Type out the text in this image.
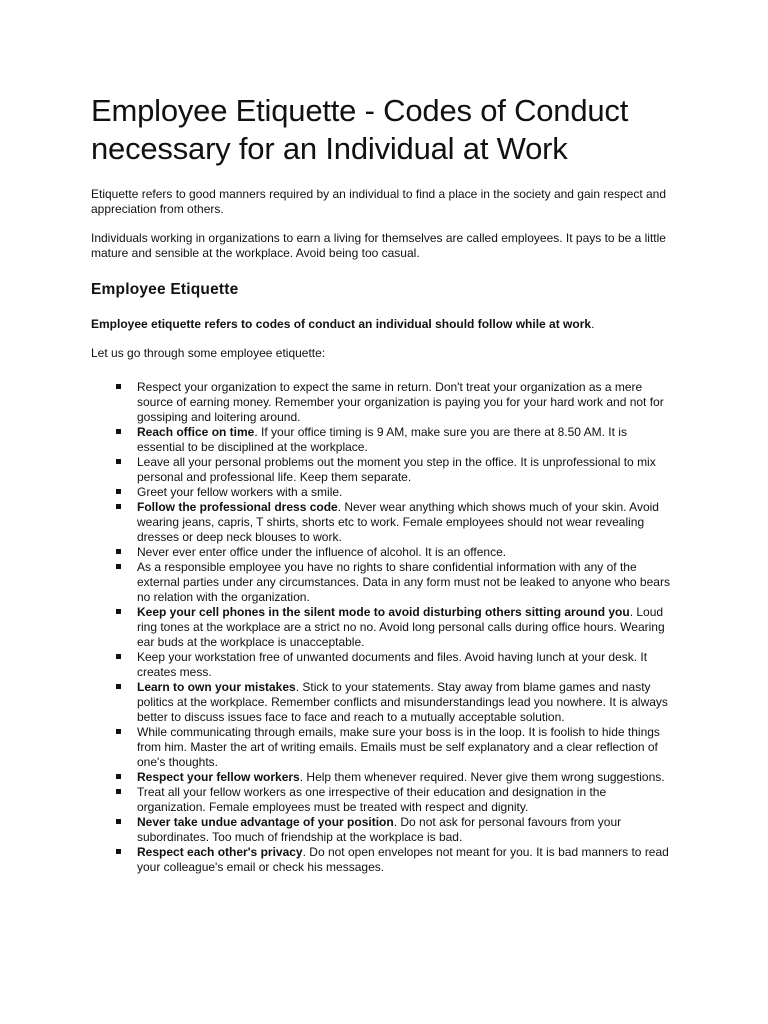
Employee Etiquette - Codes of Conduct necessary for an Individual at Work

Etiquette refers to good manners required by an individual to find a place in the society and gain respect and appreciation from others.

Individuals working in organizations to earn a living for themselves are called employees. It pays to be a little mature and sensible at the workplace. Avoid being too casual.

Employee Etiquette

Employee etiquette refers to codes of conduct an individual should follow while at work.

Let us go through some employee etiquette:

Respect your organization to expect the same in return. Don't treat your organization as a mere source of earning money. Remember your organization is paying you for your hard work and not for gossiping and loitering around.
Reach office on time. If your office timing is 9 AM, make sure you are there at 8.50 AM. It is essential to be disciplined at the workplace.
Leave all your personal problems out the moment you step in the office. It is unprofessional to mix personal and professional life. Keep them separate.
Greet your fellow workers with a smile.
Follow the professional dress code. Never wear anything which shows much of your skin. Avoid wearing jeans, capris, T shirts, shorts etc to work. Female employees should not wear revealing dresses or deep neck blouses to work.
Never ever enter office under the influence of alcohol. It is an offence.
As a responsible employee you have no rights to share confidential information with any of the external parties under any circumstances. Data in any form must not be leaked to anyone who bears no relation with the organization.
Keep your cell phones in the silent mode to avoid disturbing others sitting around you. Loud ring tones at the workplace are a strict no no. Avoid long personal calls during office hours. Wearing ear buds at the workplace is unacceptable.
Keep your workstation free of unwanted documents and files. Avoid having lunch at your desk. It creates mess.
Learn to own your mistakes. Stick to your statements. Stay away from blame games and nasty politics at the workplace. Remember conflicts and misunderstandings lead you nowhere. It is always better to discuss issues face to face and reach to a mutually acceptable solution.
While communicating through emails, make sure your boss is in the loop. It is foolish to hide things from him. Master the art of writing emails. Emails must be self explanatory and a clear reflection of one's thoughts.
Respect your fellow workers. Help them whenever required. Never give them wrong suggestions.
Treat all your fellow workers as one irrespective of their education and designation in the organization. Female employees must be treated with respect and dignity.
Never take undue advantage of your position. Do not ask for personal favours from your subordinates. Too much of friendship at the workplace is bad.
Respect each other's privacy. Do not open envelopes not meant for you. It is bad manners to read your colleague's email or check his messages.
